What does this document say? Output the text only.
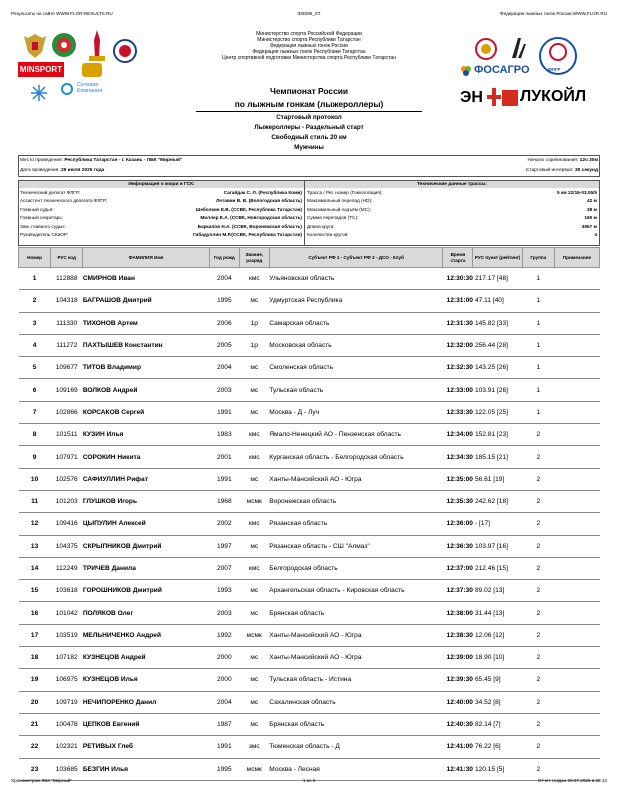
Результаты на сайте WWW.FLGR-RESULTS.RU	ID9296_ST	Федерация лыжных гонок России WWW.FLGR.RU
MINSPORT
Сетевая
Компания
Министерство спорта Российской Федерации
Министерство спорта Республики Татарстан
Федерация лыжных гонок России
Федерация лыжных гонок Республики Татарстан
Центр спортивной подготовки Министерства спорта Республики Татарстан
ФЛГР
ФОСАГРО
ЭН ЛУКОЙЛ
Чемпионат России
по лыжным гонкам (лыжероллеры)
Стартовый протокол
Лыжероллеры - Раздельный старт
Свободный стиль 20 км
Мужчины
Место проведения: Республика Татарстан - г. Казань - ЛБК "Мирный"
Дата проведения: 29 июля 2025 года
Начало соревнования: 12ч 30м
Стартовый интервал: 30 секунд
Информация о жюри и ГСК:	Технические данные трассы:
Технический делегат ФЛГР:	Сагайдак С. Л. (Республика Коми)
Ассистент технического делегата ФЛГР:	Летавин В. В. (Вологодская область)
Главный судья:	Шеболкин Е.В. (ССВК, Республика Татарстан)
Главный секретарь:	Миллер Е.А. (ССВК, Новгородская область)
Зам. главного судьи:	Баркалов Н.А. (ССВК, Воронежская область)
Руководитель СКиОР:	Гибадуллин М.Р.(ССВК, Республика Татарстан)
Трасса / Рег. номер (Гомологация):	5 км 22/16-03.05/5
Максимальный перепад (HD):	42 м
Максимальный подъём (MC):	38 м
Сумма перепадов (TC):	160 м
Длина круга:	4957 м
Количества кругов:	4
Номер	РУС код	ФАМИЛИЯ Имя	Год рожд	Звание, разряд	Субъект РФ 1 - Субъект РФ 2 - ДСО - Клуб	Время старта	РУС пункт (рейтинг)	Группа	Примечание
1	112888	СМИРНОВ Иван	2004	кмс	Ульяновская область	12:30:30	217.17 [48]	1	
2	104318	БАГРАШОВ Дмитрий	1995	мс	Удмуртская Республика	12:31:00	47.11 [40]	1	
3	111330	ТИХОНОВ Артем	2006	1р	Самарская область	12:31:30	145.82 [33]	1	
4	111272	ПАХТЫШЕВ Константин	2005	1р	Московская область	12:32:00	256.44 [28]	1	
5	109677	ТИТОВ Владимир	2004	мс	Смоленская область	12:32:30	143.25 [26]	1	
6	109169	ВОЛКОВ Андрей	2003	мс	Тульская область	12:33:00	103.91 [26]	1	
7	102866	КОРСАКОВ Сергей	1991	мс	Москва - Д - Луч	12:33:30	122.05 [25]	1	
8	101511	КУЗИН Илья	1983	кмс	Ямало-Ненецкий АО - Пензенская область	12:34:00	152.81 [23]	2	
9	107971	СОРОКИН Никита	2001	кмс	Курганская область - Белгородская область	12:34:30	185.15 [21]	2	
10	102576	САФИУЛЛИН Рифат	1991	мс	Ханты-Мансийский АО - Югра	12:35:00	56.61 [19]	2	
11	101203	ГЛУШКОВ Игорь	1968	мсмк	Воронежская область	12:35:30	242.62 [18]	2	
12	109416	ЦЫПУЛИН Алексей	2002	кмс	Рязанская область	12:36:00	- [17]	2	
13	104375	СКРЫПНИКОВ Дмитрий	1997	мс	Рязанская область - СШ "Алмаз"	12:36:30	103.97 [16]	2	
14	112249	ТРИЧЕВ Данила	2007	кмс	Белгородская область	12:37:00	212.46 [15]	2	
15	103618	ГОРОШНИКОВ Дмитрий	1993	мс	Архангельская область - Кировская область	12:37:30	89.02 [13]	2	
16	101042	ПОЛЯКОВ Олег	2003	мс	Брянская область	12:38:00	31.44 [13]	2	
17	103519	МЕЛЬНИЧЕНКО Андрей	1992	мсмк	Ханты-Мансийский АО - Югра	12:38:30	12.06 [12]	2	
18	107182	КУЗНЕЦОВ Андрей	2000	мс	Ханты-Мансийский АО - Югра	12:39:00	18.90 [10]	2	
19	106975	КУЗНЕЦОВ Илья	2000	мс	Тульская область - Истина	12:39:30	65.45 [9]	2	
20	109719	НЕЧИПОРЕНКО Данил	2004	мс	Сахалинская область	12:40:00	34.52 [8]	2	
21	100478	ЦЕПКОВ Евгений	1987	мс	Брянская область	12:40:30	82.14 [7]	2	
22	102321	РЕТИВЫХ Глеб	1991	змс	Тюменская область - Д	12:41:00	76.22 [6]	2	
23	103685	БЕЗГИН Илья	1995	мсмк	Москва - Лесная	12:41:30	120.15 [5]	2	
Хронометраж ЛБК "Мирный"	1 из 3	Отчет создан 28.07.2025 в 20:14
